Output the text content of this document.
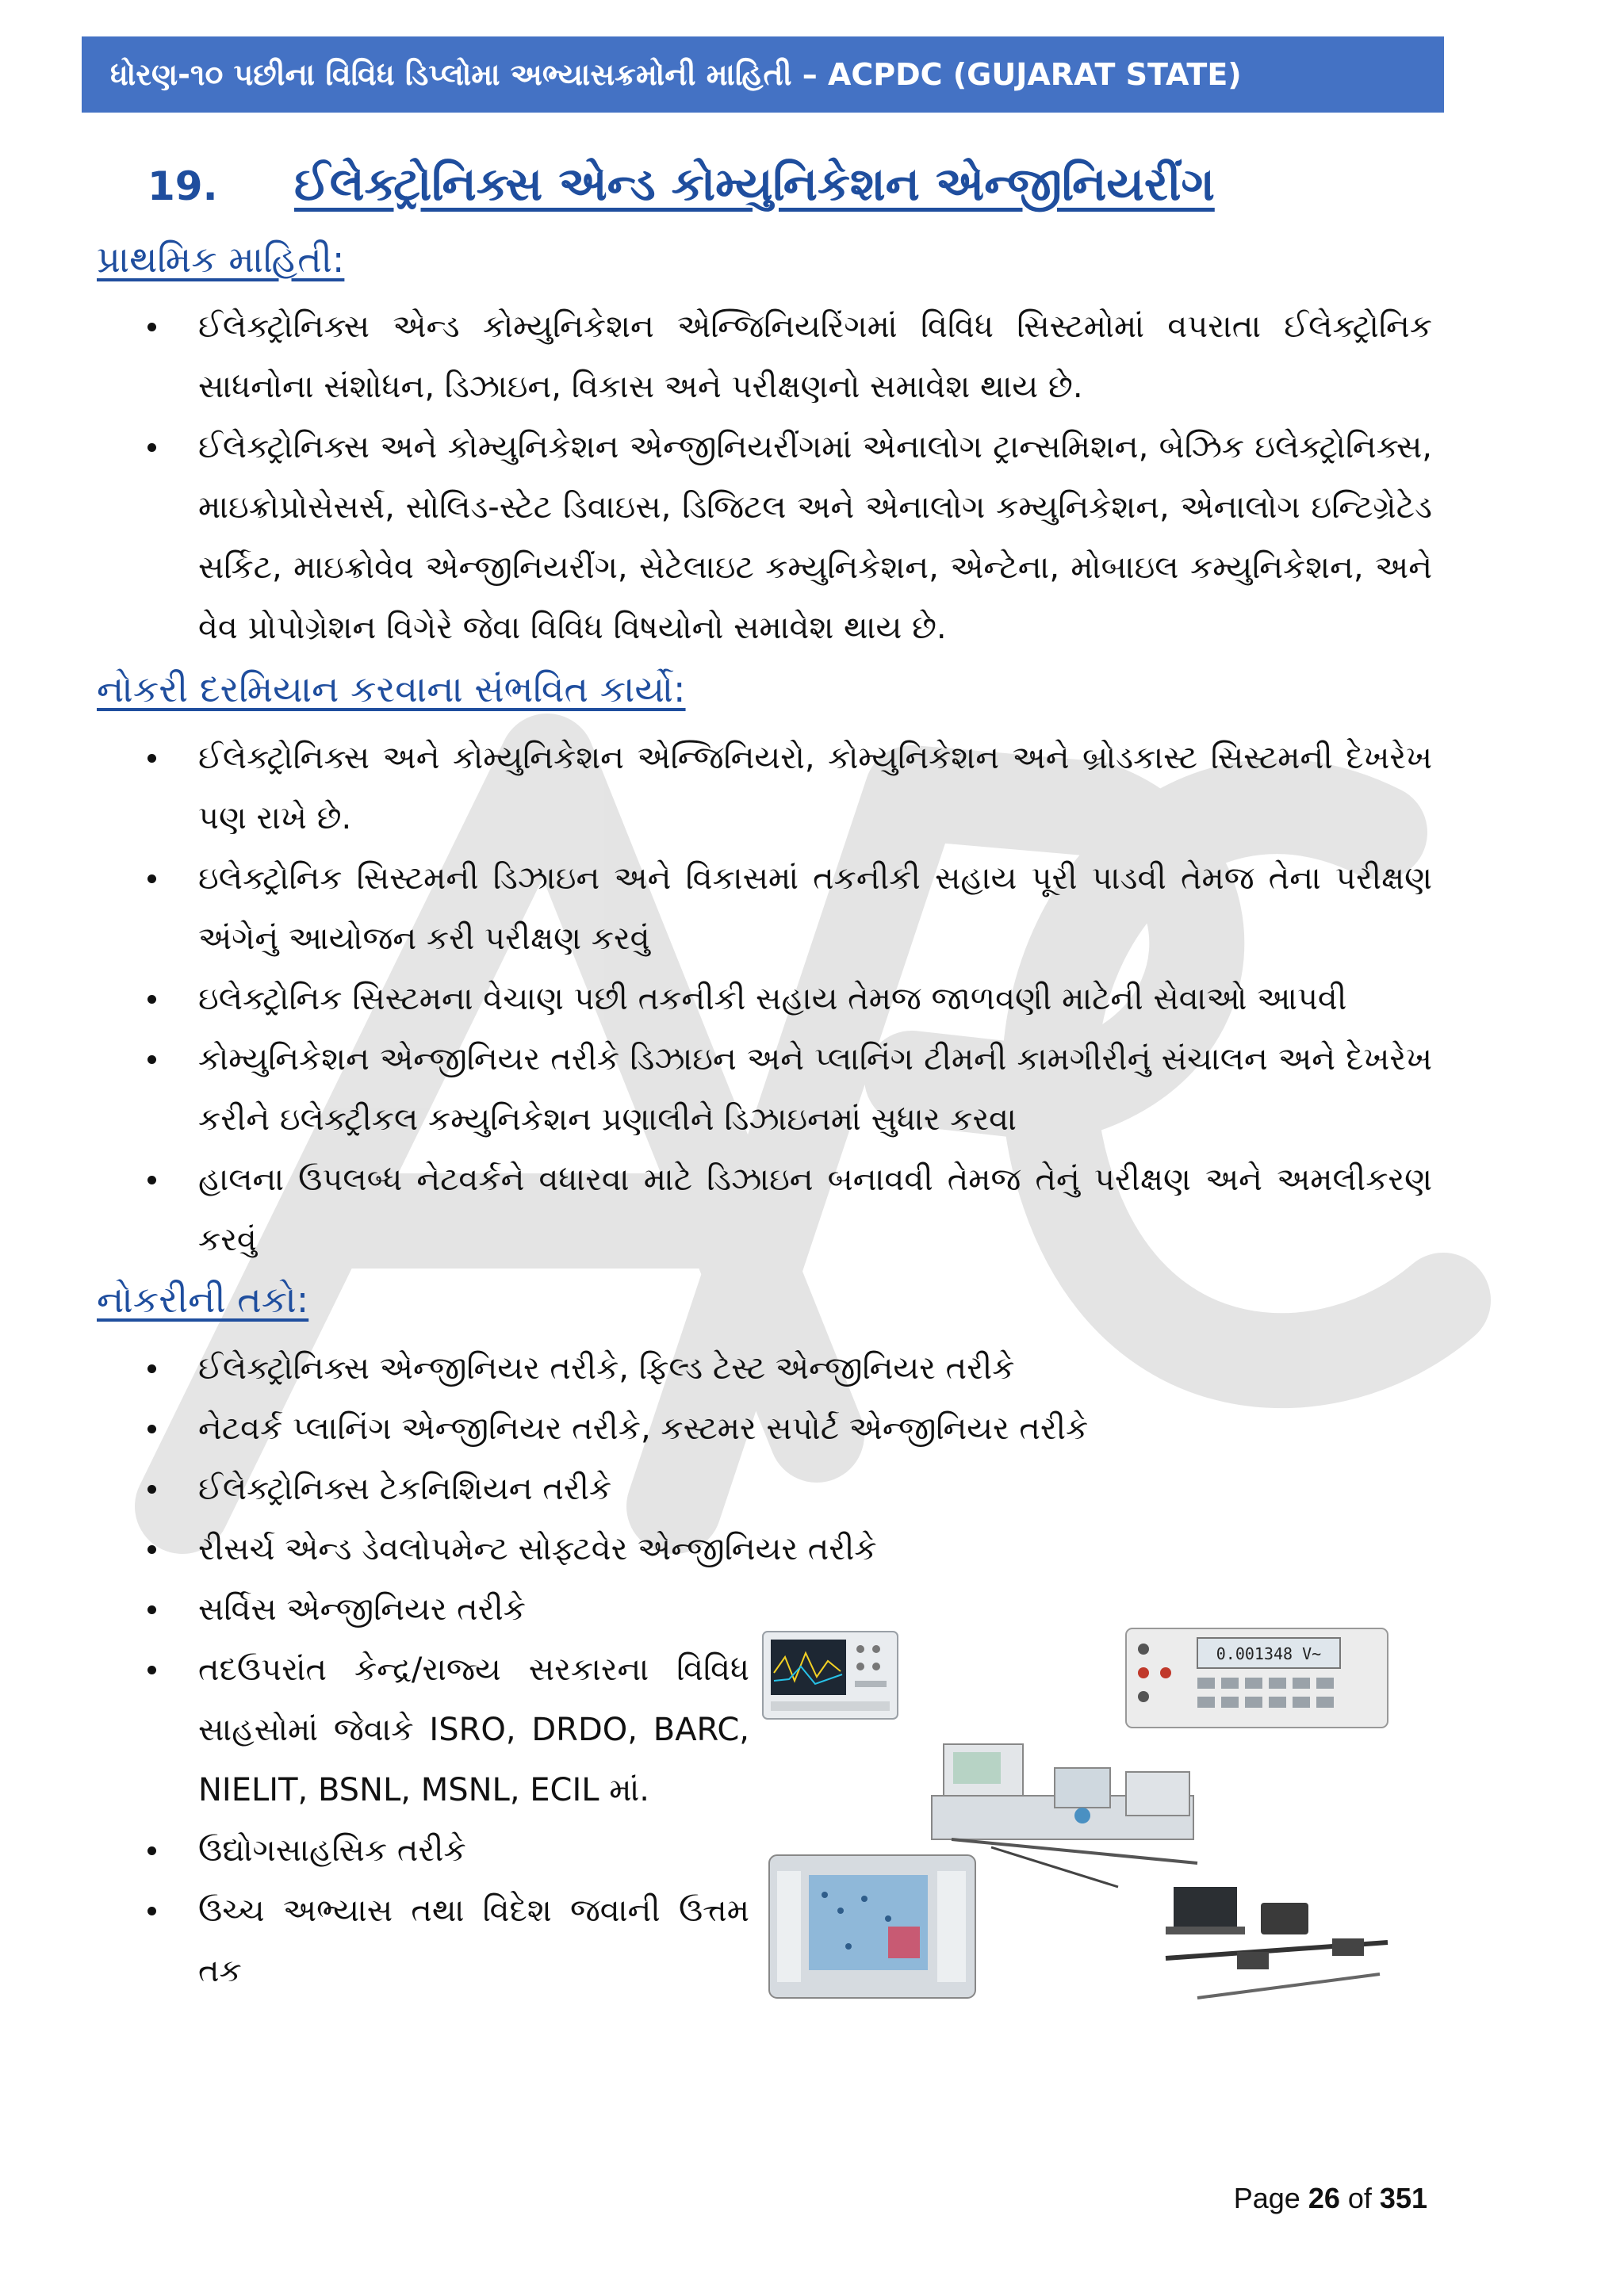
ધોરણ-૧૦ પછીના વિવિધ ડિપ્લોમા અભ્યાસક્રમોની માહિતી – ACPDC (GUJARAT STATE)
19.	ઈલેક્ટ્રોનિક્સ એન્ડ કોમ્યુનિકેશન એન્જીનિયરીંગ
પ્રાથમિક માહિતી:
ઈલેક્ટ્રોનિક્સ એન્ડ કોમ્યુનિકેશન એન્જિનિયરિંગમાં વિવિધ સિસ્ટમોમાં વપરાતા ઈલેક્ટ્રોનિક સાધનોના સંશોધન, ડિઝાઇન, વિકાસ અને પરીક્ષણનો સમાવેશ થાય છે.
ઈલેક્ટ્રોનિક્સ અને કોમ્યુનિકેશન એન્જીનિયરીંગમાં એનાલોગ ટ્રાન્સમિશન, બેઝિક ઇલેક્ટ્રોનિક્સ, માઇક્રોપ્રોસેસર્સ, સોલિડ-સ્ટેટ ડિવાઇસ, ડિજિટલ અને એનાલોગ કમ્યુનિકેશન, એનાલોગ ઇન્ટિગ્રેટેડ સર્કિટ, માઇક્રોવેવ એન્જીનિયરીંગ, સેટેલાઇટ કમ્યુનિકેશન, એન્ટેના, મોબાઇલ કમ્યુનિકેશન, અને વેવ પ્રોપોગ્રેશન વિગેરે જેવા વિવિધ વિષયોનો સમાવેશ થાય છે.
નોકરી દરમિયાન કરવાના સંભવિત કાર્યો:
ઈલેક્ટ્રોનિક્સ અને કોમ્યુનિકેશન એન્જિનિયરો, કોમ્યુનિકેશન અને બ્રોડકાસ્ટ સિસ્ટમની દેખરેખ પણ રાખે છે.
ઇલેક્ટ્રોનિક સિસ્ટમની ડિઝાઇન અને વિકાસમાં તકનીકી સહાય પૂરી પાડવી તેમજ તેના પરીક્ષણ અંગેનું આયોજન કરી પરીક્ષણ કરવું
ઇલેક્ટ્રોનિક સિસ્ટમના વેચાણ પછી તકનીકી સહાય તેમજ જાળવણી માટેની સેવાઓ આપવી
કોમ્યુનિકેશન એન્જીનિયર તરીકે ડિઝાઇન અને પ્લાનિંગ ટીમની કામગીરીનું સંચાલન અને દેખરેખ કરીને ઇલેક્ટ્રીકલ કમ્યુનિકેશન પ્રણાલીને ડિઝાઇનમાં સુધાર કરવા
હાલના ઉપલબ્ધ નેટવર્કને વધારવા માટે ડિઝાઇન બનાવવી તેમજ તેનું પરીક્ષણ અને અમલીકરણ કરવું
નોકરીની તકો:
ઈલેક્ટ્રોનિક્સ એન્જીનિયર તરીકે, ફિલ્ડ ટેસ્ટ એન્જીનિયર તરીકે
નેટવર્ક પ્લાનિંગ એન્જીનિયર તરીકે, કસ્ટમર સપોર્ટ એન્જીનિયર તરીકે
ઈલેક્ટ્રોનિક્સ ટેકનિશિયન તરીકે
રીસર્ચ એન્ડ ડેવલોપમેન્ટ સોફ્ટવેર એન્જીનિયર તરીકે
સર્વિસ એન્જીનિયર તરીકે
તદઉપરાંત કેન્દ્ર/રાજ્ય સરકારના વિવિધ સાહસોમાં જેવાકે ISRO, DRDO, BARC, NIELIT, BSNL, MSNL, ECIL માં.
ઉદ્યોગસાહસિક તરીકે
ઉચ્ચ અભ્યાસ તથા વિદેશ જવાની ઉત્તમ તક
0.001348 V~
Page 26 of 351
